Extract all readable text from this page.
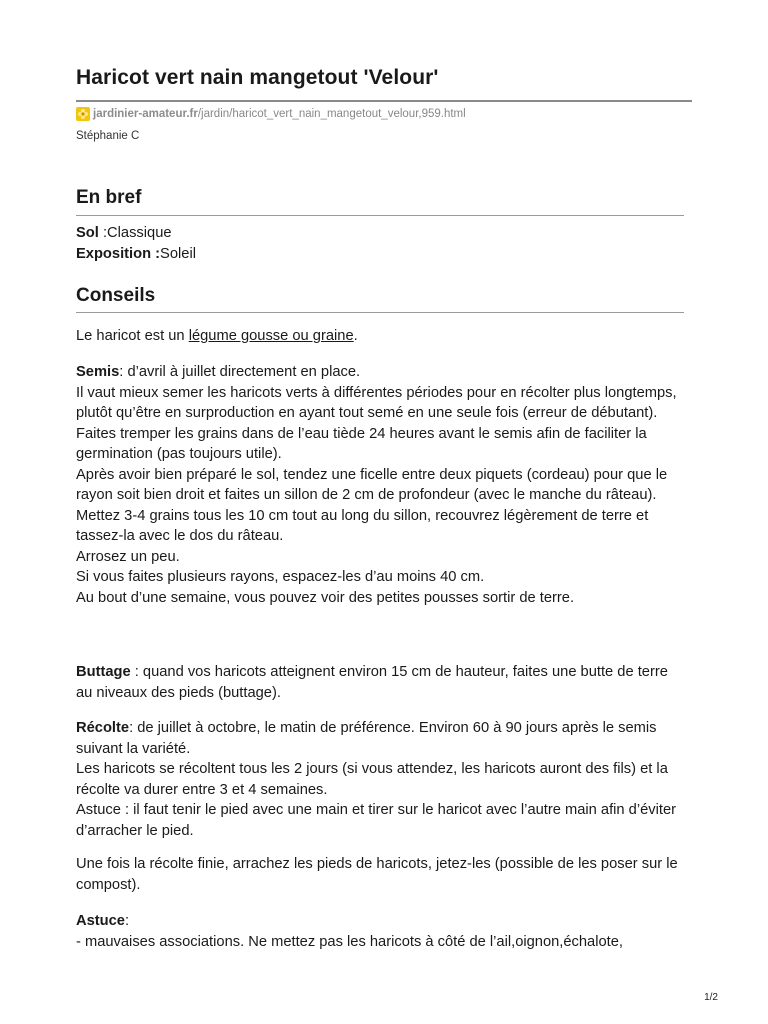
Haricot vert nain mangetout 'Velour'
jardinier-amateur.fr /jardin/haricot_vert_nain_mangetout_velour,959.html
Stéphanie C
En bref

Sol :Classique

Exposition :Soleil

Conseils

Le haricot est un légume gousse ou graine.

Semis: d’avril à juillet directement en place.

Il vaut mieux semer les haricots verts à différentes périodes pour en récolter plus longtemps, plutôt qu’être en surproduction en ayant tout semé en une seule fois (erreur de débutant).

Faites tremper les grains dans de l’eau tiède 24 heures avant le semis afin de faciliter la germination (pas toujours utile).

Après avoir bien préparé le sol, tendez une ficelle entre deux piquets (cordeau) pour que le rayon soit bien droit et faites un sillon de 2 cm de profondeur (avec le manche du râteau).

Mettez 3-4 grains tous les 10 cm tout au long du sillon, recouvrez légèrement de terre et tassez-la avec le dos du râteau.

Arrosez un peu.

Si vous faites plusieurs rayons, espacez-les d’au moins 40 cm.

Au bout d’une semaine, vous pouvez voir des petites pousses sortir de terre.

Buttage : quand vos haricots atteignent environ 15 cm de hauteur, faites une butte de terre au niveaux des pieds (buttage).

Récolte: de juillet à octobre, le matin de préférence. Environ 60 à 90 jours après le semis suivant la variété.

Les haricots se récoltent tous les 2 jours (si vous attendez, les haricots auront des fils) et la récolte va durer entre 3 et 4 semaines.

Astuce : il faut tenir le pied avec une main et tirer sur le haricot avec l’autre main afin d’éviter d’arracher le pied.

Une fois la récolte finie, arrachez les pieds de haricots, jetez-les (possible de les poser sur le compost).

Astuce:

- mauvaises associations. Ne mettez pas les haricots à côté de l’ail,oignon,échalote,

1/2
